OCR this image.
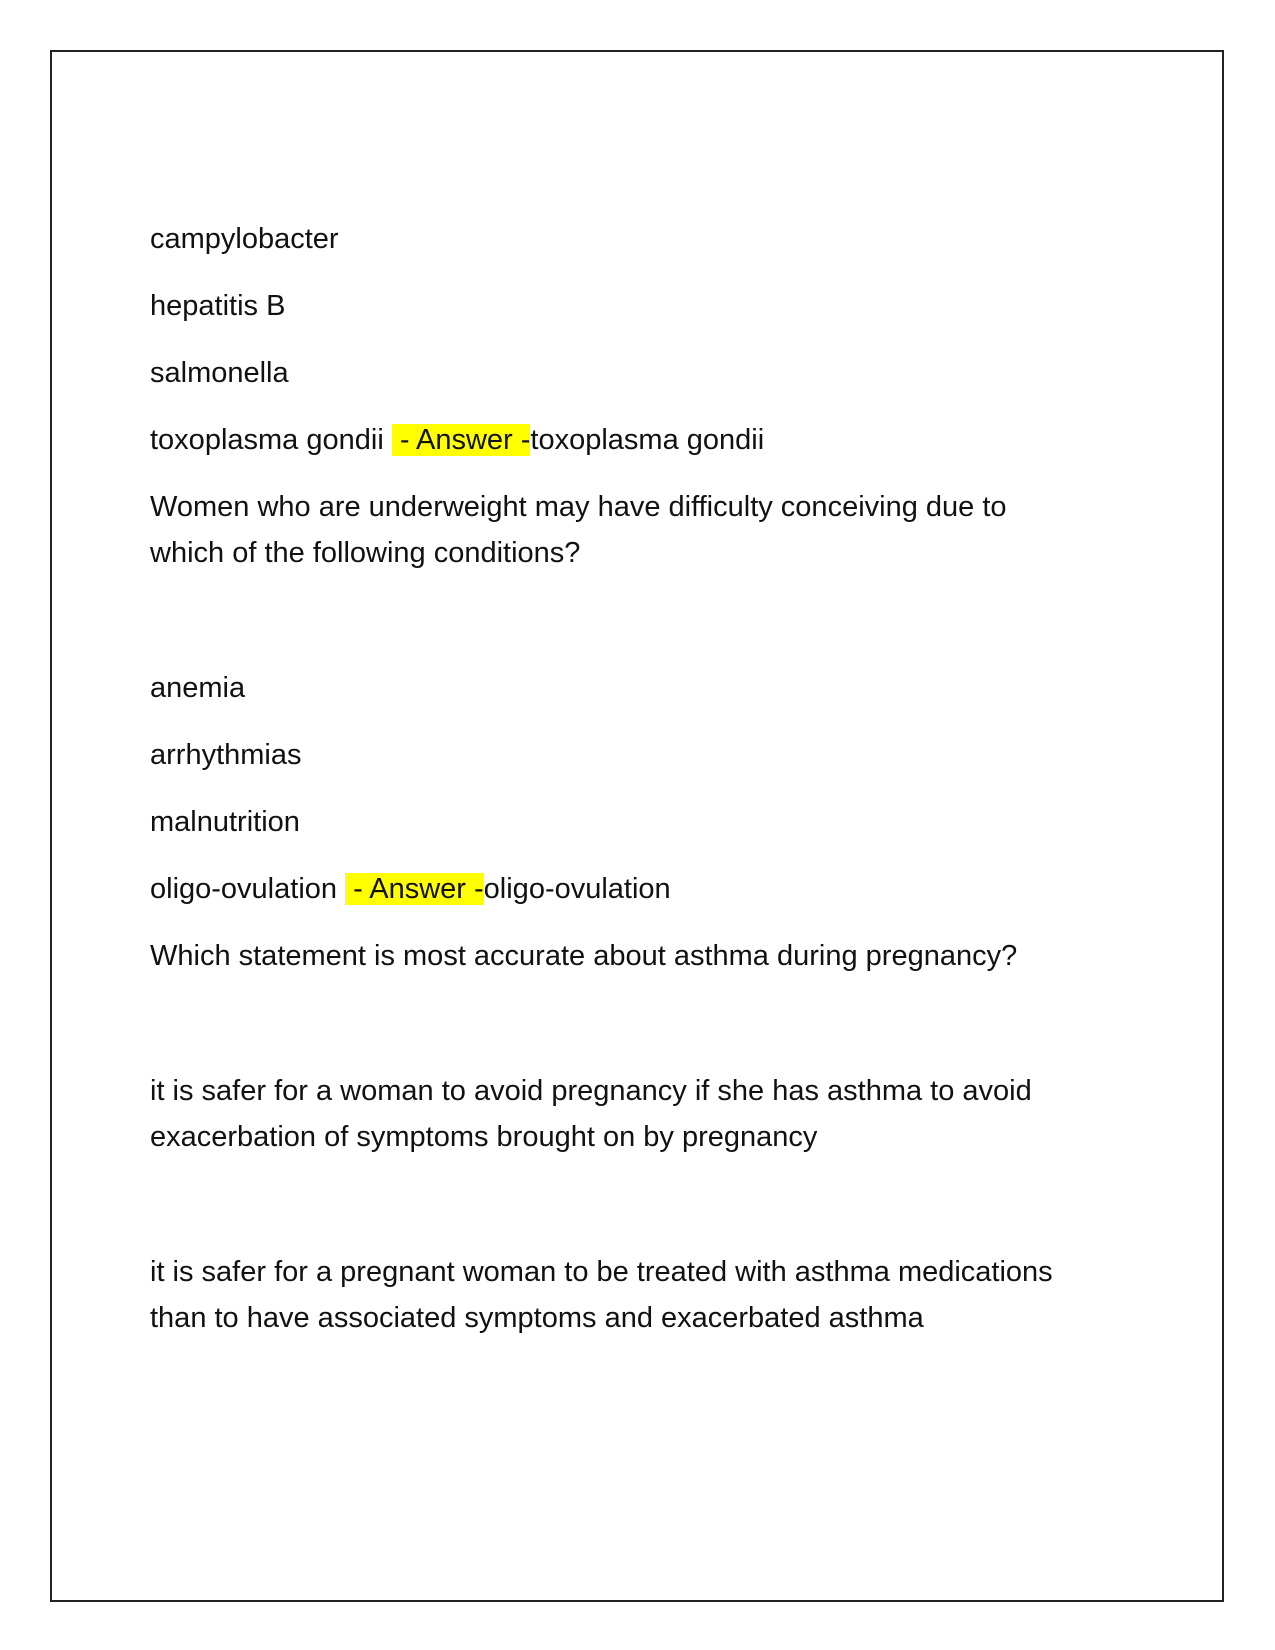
campylobacter
hepatitis B
salmonella
toxoplasma gondii - Answer -toxoplasma gondii
Women who are underweight may have difficulty conceiving due to
which of the following conditions?
anemia
arrhythmias
malnutrition
oligo-ovulation - Answer -oligo-ovulation
Which statement is most accurate about asthma during pregnancy?
it is safer for a woman to avoid pregnancy if she has asthma to avoid
exacerbation of symptoms brought on by pregnancy
it is safer for a pregnant woman to be treated with asthma medications
than to have associated symptoms and exacerbated asthma
